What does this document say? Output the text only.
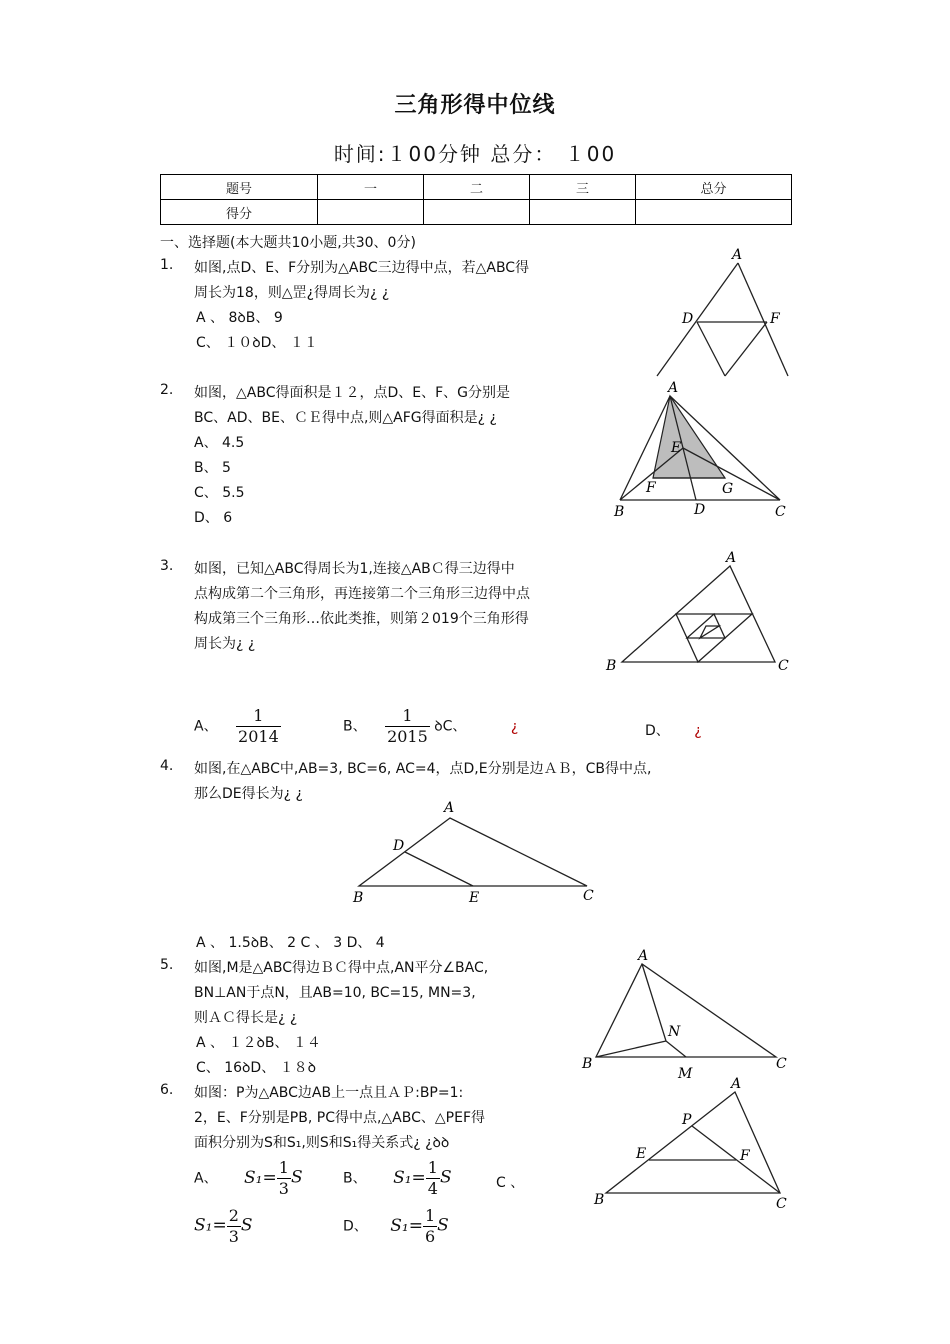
三角形得中位线
时间:１00分钟 总分： １00
题号	一	二	三	总分
得分				
一、选择题(本大题共10小题,共30、0分)
1. 如图,点D、E、F分别为△ABC三边得中点，若△ABC得
周长为18，则△罡¿得周长为¿ ¿
A 、 8ꝺB、 9
C、 １０ꝺD、 １１
A
D	F
2. 如图，△ABC得面积是１２，点D、E、F、G分别是
BC、AD、BE、ＣＥ得中点,则△AFG得面积是¿ ¿
A、 4.5
B、 5
C、 5.5
D、 6
A
E
F	G
B	D	C
3. 如图，已知△ABC得周长为1,连接△ABＣ得三边得中
点构成第二个三角形，再连接第二个三角形三边得中点
构成第三个三角形…依此类推，则第２019个三角形得
周长为¿ ¿
A
B	C
A、 $\frac{1}{2014}$	B、 $\frac{1}{2015}$ ꝺC、	¿	D、 ¿
4. 如图,在△ABC中,AB=3, BC=6, AC=4，点D,E分别是边ＡＢ，CB得中点,
那么DE得长为¿ ¿
A
D
B	E	C
A 、 1.5ꝺB、 2 C 、 3 D、 4
5. 如图,M是△ABC得边ＢＣ得中点,AN平分∠BAC,
BN⊥AN于点N，且AB=10, BC=15, MN=3,
则ＡＣ得长是¿ ¿
A 、 １２ꝺB、 １４
C、 16ꝺD、 １８ꝺ
A
N
B	C
M
6. 如图：P为△ABC边AB上一点且ＡＰ:BP=1:
2，E、F分别是PB, PC得中点,△ABC、△PEF得
面积分别为S和S₁,则S和S₁得关系式¿ ¿ꝺꝺ
A、 $S_1= \frac{1}{3}$ S	B、 $S_1= \frac{1}{4}$ S	C 、
$S_1= \frac{2}{3}$ S	D、 $S_1= \frac{1}{6}$ S
A
P
E	F
B	C
